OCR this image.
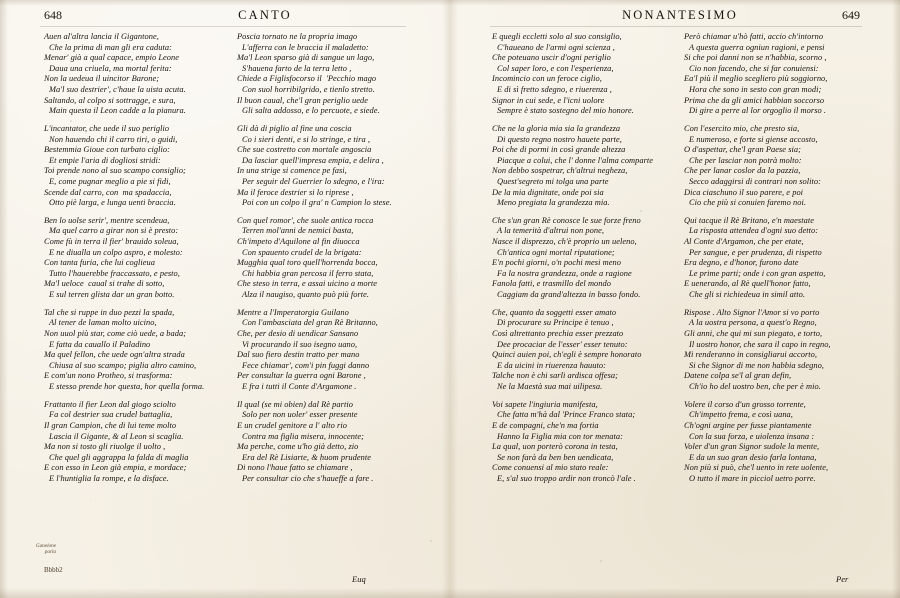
648	CANTO	NONANTESIMO	649
Auen al'altra lancia il Gigantone,
Che la prima di man gli era caduta:
Menar' già a qual capace, empio Leone
Daua una criuela, ma mortal ferita:
Non la uedeua il uincitor Barone;
Ma'l suo destrier', c'haue la uista acuta.
Saltando, al colpo si sottragge, e sura,
Main questa il Leon cadde a la pianura.
L'incantator, che uede il suo periglio
Non hauendo chi il carro tiri, o guidi,
Bestemmia Gioue con turbato ciglio:
Et empie l'aria di dogliosi stridi:
Toi prende nono al suo scampo consiglio;
E, come pugnar meglio a pie si fidi,
Scende dal carro, con  ma spadaccia,
Otto piè larga, e lunga uenti braccia.
Ben lo uolse serir', mentre scendeua,
Ma quel carro a girar non si è presto:
Come fù in terra il fier' brauido soleua,
E ne diualla un colpo aspro, e molesto:
Con tanta furia, che lui coglieua
Tutto l'hauerebbe fraccassato, e pesto,
Ma'l ueloce  caual si trahe di sotto,
E sul terren glista dar un gran botto.
Tal che si ruppe in duo pezzi la spada,
Al tener de laman molto uicino,
Non uuol più star, come ciò uede, a bada;
E fatta da cauallo il Paladino
Ma quel fellon, che uede ogn'altra strada
Chiusa al suo scampo; piglia altro camino,
E com'un nono Protheo, si trasforma:
E stesso prende hor questa, hor quella forma.
Frattanto il fier Leon dal giogo sciolto
Fa col destrier sua crudel battaglia,
Il gran Campion, che di lui teme molto
Lascia il Gigante, & al Leon si scaglia.
Ma non si tosto gli riuolge il uolto ,
Che quel gli aggrappa la falda di maglia
E con esso in Leon già empia, e mordace;
E l'huntiglia la rompe, e la disface.
Poscia tornato ne la propria imago
L'afferra con le braccia il maladetto:
Ma'l Leon sparso già di sangue un lago,
S'hauena farto de la terra letto ,
Chiede a Figlisfocorso il  'Pecchio mago
Con suol horribilgrido, e tienlo stretto.
Il buon caual, che'l gran periglio uede
Gli salta addosso, e lo percuote, e siede.
Gli dà di piglio al fine una coscia
Co i sieri denti, e si lo stringe, e tira ,
Che sue costretto con mortale angoscia
Da lasciar quell'impresa empia, e delira ,
In una strige si comence pe fasi,
Per seguir del Guerrier lo sdegno, e l'ira:
Ma il feroce destrier si lo riprese ,
Poi con un colpo il gra' n Campion lo stese.
Con quel romor', che suole antica rocca
Terren mol'anni de nemici basta,
Ch'impeto d'Aquilone al fin diuocca
Con spauento crudel de la brigata:
Mugghia qual toro quell'horrenda bocca,
Chi habbia gran percosa il ferro stata,
Che steso in terra, e assai uicino a morte
Alza il naugiso, quanto può più forte.
Mentre a l'Imperatorgia Guilano
Con l'ambasciata del gran Rè Britanno,
Che, per desio di uendicar Sansano
Vi procurando il suo isegno uano,
Dal suo fiero destin tratto per mano
Fece chiamar', com'i pin fuggi danno
Per consultar la guerra ogni Barone ,
E fra i tutti il Conte d'Argamone .
Il qual (se mi obien) dal Rè partio
Solo per non uoler' esser presente
E un crudel genitore a l' alto rio
Contra ma figlia misera, innocente;
Ma perche, come u'ho già detto, zio
Era del Rè Lisiarte, & huom prudente
Di nono l'haue fatto se chiamare ,
Per consultar cio che s'haueffe a fare .
E quegli eccletti solo al suo consiglio,
C'haueano de l'armi ogni scienza ,
Che poteuano uscir d'ogni periglio
Col saper loro, e con l'esperienza,
Incomincio con un feroce ciglio,
E di sì fretto sdegno, e riuerenza ,
Signor in cui sede, e l'icni uolore
Sempre è stato sostegno del mio honore.
Che ne la gloria mia sia la grandezza
Di questo regno nostro hauete parte,
Poi che di pormi in così grande altezza
Piacque a colui, che l' donne l'alma comparte
Non debbo sospetrar, ch'altrui negheza,
Quest'segreto mi tolga una parte
De la mia dignitate, onde poi sia
Meno pregiata la grandezza mia.
Che s'un gran Rè conosce le sue forze freno
A la temerità d'altrui non pone,
Nasce il disprezzo, ch'è proprio un ueleno,
Ch'antica ogni mortal riputatione;
E'n pochi giorni, o'n pochi mesi meno
Fa la nostra grandezza, onde a ragione
Fanola fatti, e trasmillo del mondo
Caggiam da grand'altezza in basso fondo.
Che, quanto da soggetti esser amato
Di procurare su Principe è tenuo ,
Così altrettanto prechia esser prezzato
Dee procaciar de l'esser' esser tenuto:
Quinci auien poi, ch'egli è sempre honorato
E da uicini in riuerenza hauuto:
Talche non è chi sarli ardisca offesa;
Ne la Maestà sua mai uilipesa.
Voi sapete l'ingiuria manifesta,
Che fatta m'hà dal 'Prince Franco stata;
E de compagni, che'n ma fortia
Hanno la Figlia mia con tor menata:
La qual, uon porterò corona in testa,
Se non farà da ben ben uendicata,
Come conuensi al mio stato reale:
E, s'al suo troppo ardir non troncò l'ale .
Però chiamar u'hò fatti, accio ch'intorno
A questa guerra ogniun ragioni, e pensi
Si che poi danni non se n'habbia, scorno ,
Cio non facendo, che si far conuiensi:
Ea'l più il meglio scegliero più soggiorno,
Hora che sono in sesto con gran modi;
Prima che da gli amici habbian soccorso
Di gire a perre al lor orgoglio il morso .
Con l'esercito mio, che presto sia,
E numeroso, e forte si giense accosto,
O d'aspettar, che'l gran Paese sia;
Che per lasciar non potrà molto:
Che per lanar coslor da la pazzia,
Secco adaggirsi di contrari non solito:
Dica ciaschuno il suo parere, e poi
Cio che più si conuien faremo noi.
Qui tacque il Rè Britano, e'n maestate
La risposta attendea d'ogni suo detto:
Al Conte d'Argamon, che per etate,
Per sangue, e per prudenza, di rispetto
Era degno, e d'honor, furono date
Le prime parti; onde i con gran aspetto,
E uenerando, al Rè quell'honor fatto,
Che gli si richiedeua in simil atto.
Rispose . Alto Signor l'Amor si vo porto
A la uostra persona, a quest'o Regno,
Gli anni, che qui mi sun piegato, e torto,
Il uostro honor, che sara il capo in regno,
Mi renderanno in consigliarui accorto,
Si che Signor di me non habbia sdegno,
Datene colpa se'l al gran defin,
Ch'io ho del uostro ben, che per è mio.
Volere il corso d'un grosso torrente,
Ch'impetto frema, e così uana,
Ch'ogni argine per fusse piantamente
Con la sua forza, e uiolenza insana :
Voler d'un gran Signor sudole la mente,
E da un suo gran desio farla lontana,
Non più si può, che'l uento in rete uolente,
O tutto il mare in picciol uetro porre.
Ganelone parla
Bbbb2
Euq	Per
